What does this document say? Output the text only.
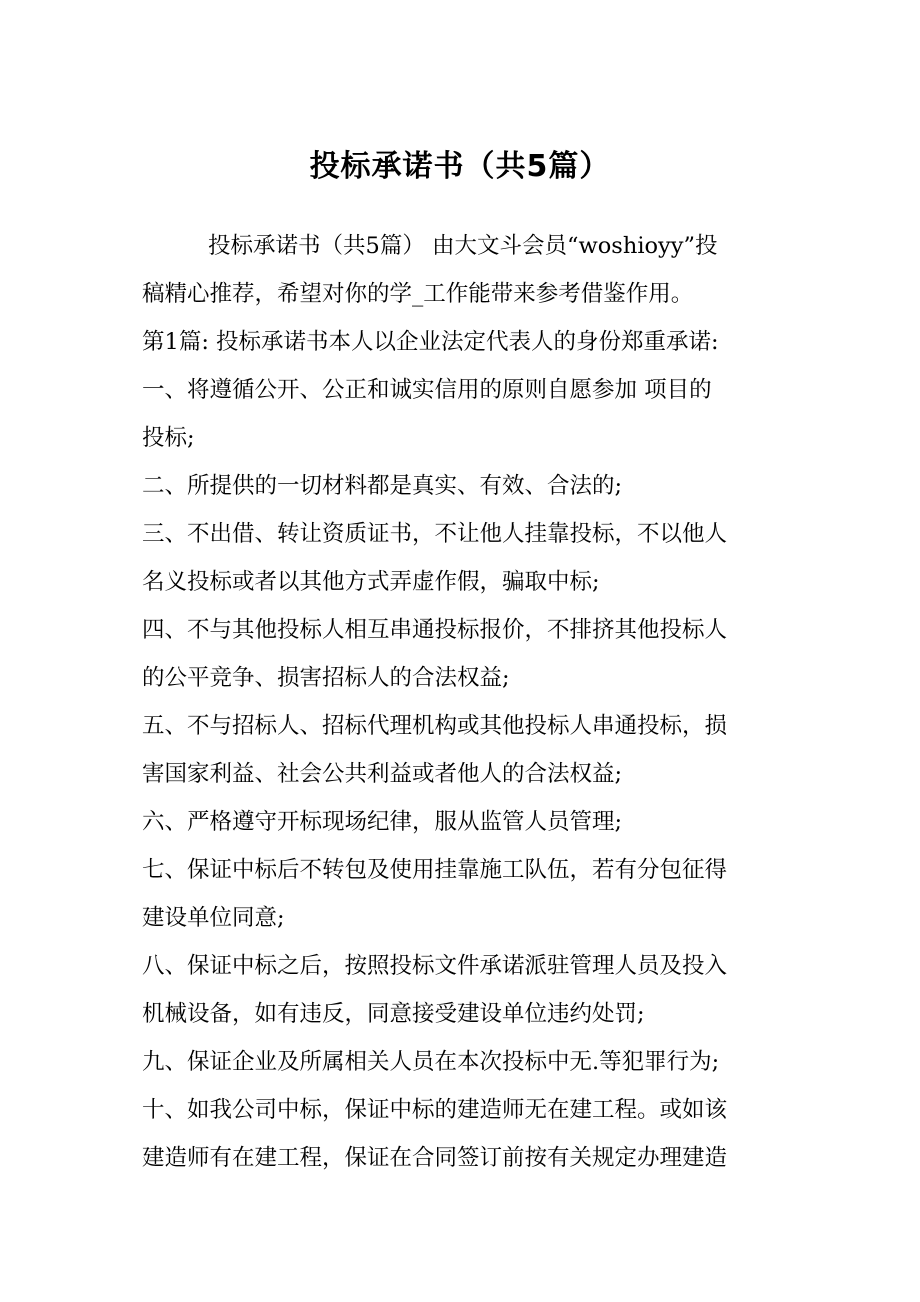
投标承诺书（共5篇）
投标承诺书（共5篇） 由大文斗会员“woshioyy”投
稿精心推荐，希望对你的学_工作能带来参考借鉴作用。
第1篇: 投标承诺书本人以企业法定代表人的身份郑重承诺:
一、将遵循公开、公正和诚实信用的原则自愿参加 项目的
投标;
二、所提供的一切材料都是真实、有效、合法的;
三、不出借、转让资质证书，不让他人挂靠投标，不以他人
名义投标或者以其他方式弄虚作假，骗取中标;
四、不与其他投标人相互串通投标报价，不排挤其他投标人
的公平竞争、损害招标人的合法权益;
五、不与招标人、招标代理机构或其他投标人串通投标，损
害国家利益、社会公共利益或者他人的合法权益;
六、严格遵守开标现场纪律，服从监管人员管理;
七、保证中标后不转包及使用挂靠施工队伍，若有分包征得
建设单位同意;
八、保证中标之后，按照投标文件承诺派驻管理人员及投入
机械设备，如有违反，同意接受建设单位违约处罚;
九、保证企业及所属相关人员在本次投标中无.等犯罪行为;
十、如我公司中标，保证中标的建造师无在建工程。或如该
建造师有在建工程，保证在合同签订前按有关规定办理建造
